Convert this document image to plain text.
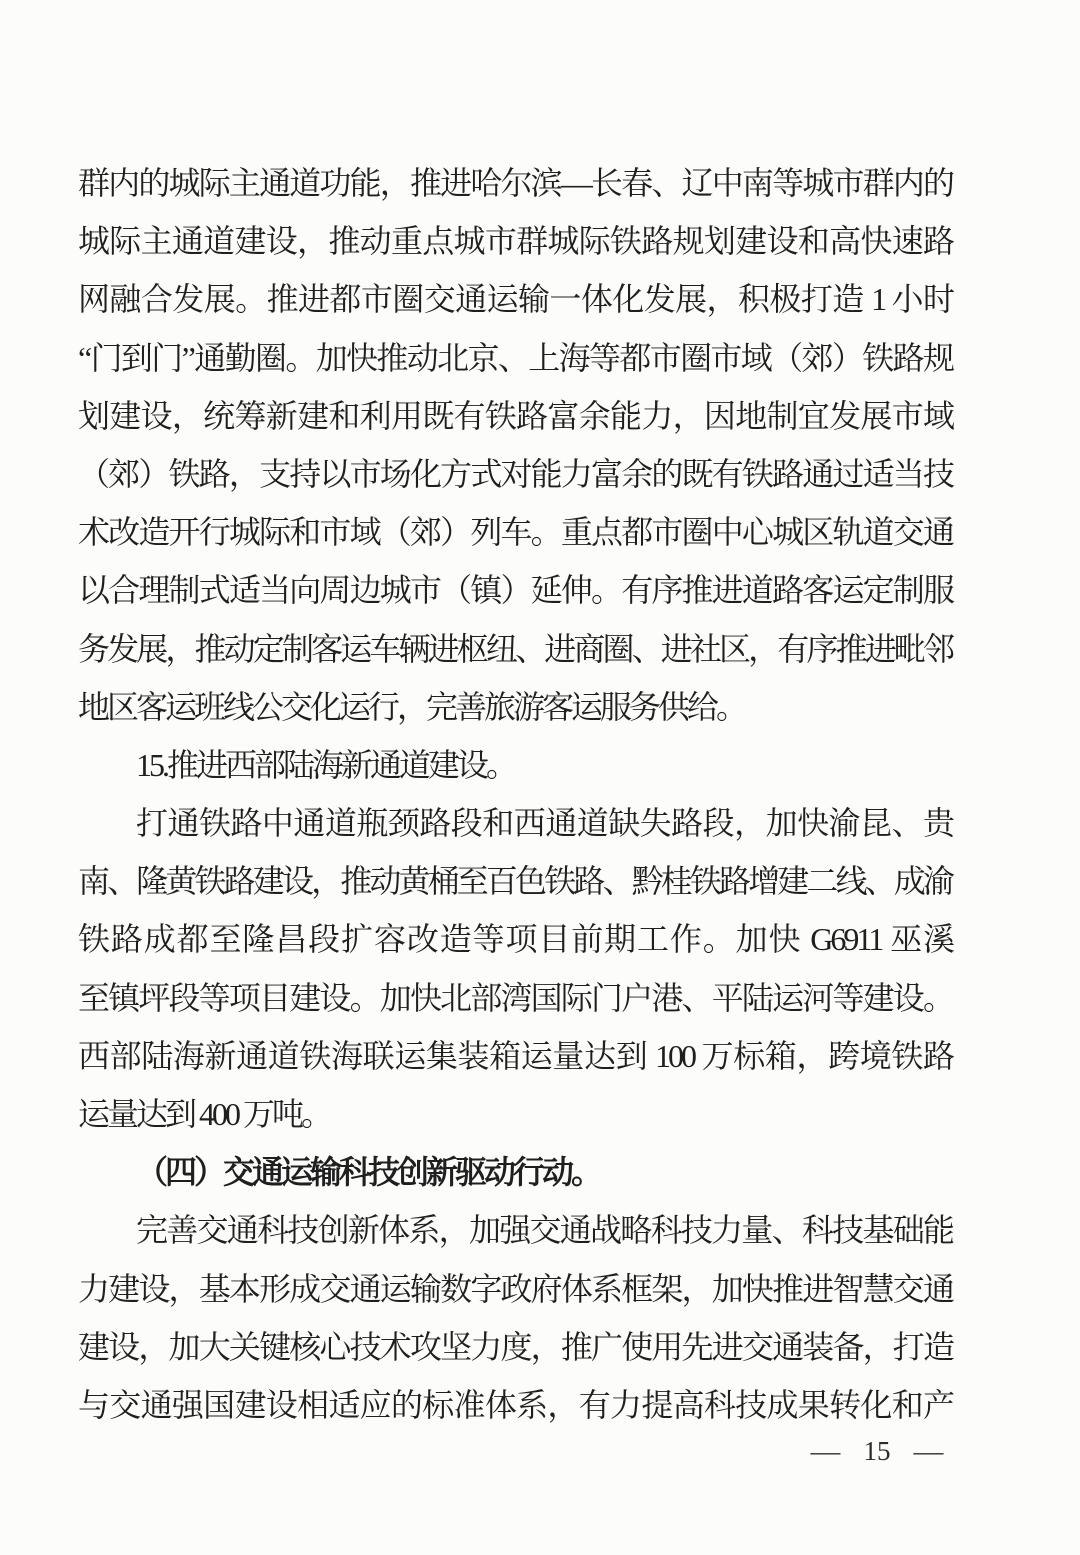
群内的城际主通道功能，推进哈尔滨—长春、辽中南等城市群内的
城际主通道建设，推动重点城市群城际铁路规划建设和高快速路
网融合发展。推进都市圈交通运输一体化发展，积极打造 1 小时
“门到门”通勤圈。加快推动北京、上海等都市圈市域（郊）铁路规
划建设，统筹新建和利用既有铁路富余能力，因地制宜发展市域
（郊）铁路，支持以市场化方式对能力富余的既有铁路通过适当技
术改造开行城际和市域（郊）列车。重点都市圈中心城区轨道交通
以合理制式适当向周边城市（镇）延伸。有序推进道路客运定制服
务发展，推动定制客运车辆进枢纽、进商圈、进社区，有序推进毗邻
地区客运班线公交化运行，完善旅游客运服务供给。
15.推进西部陆海新通道建设。
打通铁路中通道瓶颈路段和西通道缺失路段，加快渝昆、贵
南、隆黄铁路建设，推动黄桶至百色铁路、黔桂铁路增建二线、成渝
铁路成都至隆昌段扩容改造等项目前期工作。加快 G6911 巫溪
至镇坪段等项目建设。加快北部湾国际门户港、平陆运河等建设。
西部陆海新通道铁海联运集装箱运量达到 100 万标箱，跨境铁路
运量达到 400 万吨。
（四）交通运输科技创新驱动行动。
完善交通科技创新体系，加强交通战略科技力量、科技基础能
力建设，基本形成交通运输数字政府体系框架，加快推进智慧交通
建设，加大关键核心技术攻坚力度，推广使用先进交通装备，打造
与交通强国建设相适应的标准体系，有力提高科技成果转化和产
— 15 —
